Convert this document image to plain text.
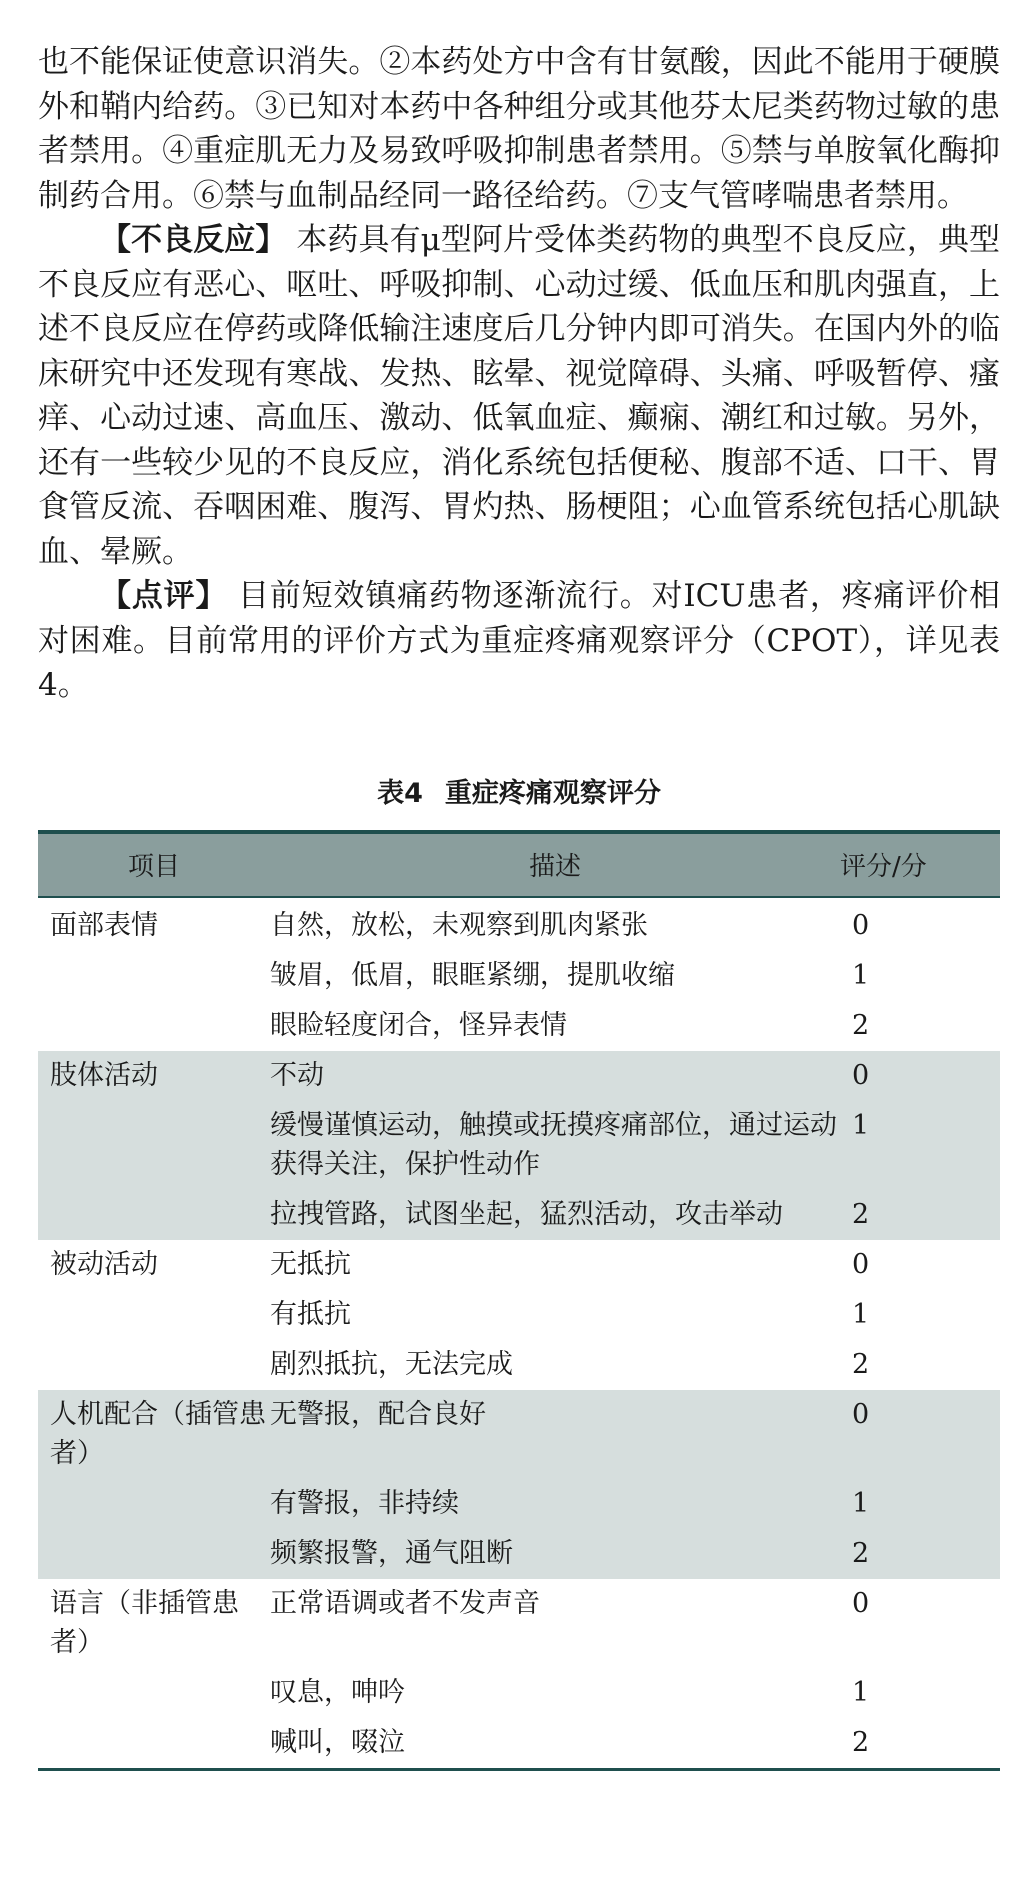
也不能保证使意识消失。②本药处方中含有甘氨酸，因此不能用于硬膜外和鞘内给药。③已知对本药中各种组分或其他芬太尼类药物过敏的患者禁用。④重症肌无力及易致呼吸抑制患者禁用。⑤禁与单胺氧化酶抑制药合用。⑥禁与血制品经同一路径给药。⑦支气管哮喘患者禁用。

【不良反应】 本药具有μ型阿片受体类药物的典型不良反应，典型不良反应有恶心、呕吐、呼吸抑制、心动过缓、低血压和肌肉强直，上述不良反应在停药或降低输注速度后几分钟内即可消失。在国内外的临床研究中还发现有寒战、发热、眩晕、视觉障碍、头痛、呼吸暂停、瘙痒、心动过速、高血压、激动、低氧血症、癫痫、潮红和过敏。另外，还有一些较少见的不良反应，消化系统包括便秘、腹部不适、口干、胃食管反流、吞咽困难、腹泻、胃灼热、肠梗阻；心血管系统包括心肌缺血、晕厥。

【点评】 目前短效镇痛药物逐渐流行。对ICU患者，疼痛评价相对困难。目前常用的评价方式为重症疼痛观察评分（CPOT），详见表4。

表4 重症疼痛观察评分
项目	描述	评分/分
面部表情	自然，放松，未观察到肌肉紧张	0
	皱眉，低眉，眼眶紧绷，提肌收缩	1
	眼睑轻度闭合，怪异表情	2
肢体活动	不动	0
	缓慢谨慎运动，触摸或抚摸疼痛部位，通过运动获得关注，保护性动作	1
	拉拽管路，试图坐起，猛烈活动，攻击举动	2
被动活动	无抵抗	0
	有抵抗	1
	剧烈抵抗，无法完成	2
人机配合（插管患者）	无警报，配合良好	0
	有警报，非持续	1
	频繁报警，通气阻断	2
语言（非插管患者）	正常语调或者不发声音	0
	叹息，呻吟	1
	喊叫，啜泣	2
